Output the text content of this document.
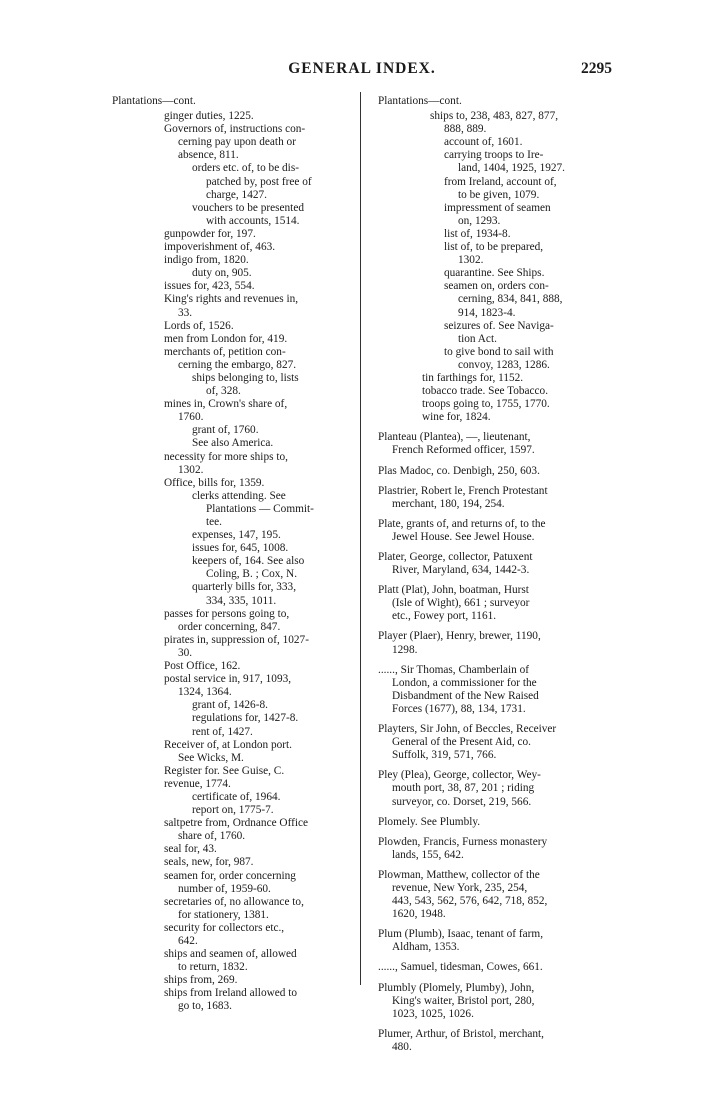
GENERAL INDEX.	2295
Plantations—cont.
ginger duties, 1225.
Governors of, instructions con-
cerning pay upon death or
absence, 811.
orders etc. of, to be dis-
patched by, post free of
charge, 1427.
vouchers to be presented
with accounts, 1514.
gunpowder for, 197.
impoverishment of, 463.
indigo from, 1820.
duty on, 905.
issues for, 423, 554.
King's rights and revenues in,
33.
Lords of, 1526.
men from London for, 419.
merchants of, petition con-
cerning the embargo, 827.
ships belonging to, lists
of, 328.
mines in, Crown's share of,
1760.
grant of, 1760.
See also America.
necessity for more ships to,
1302.
Office, bills for, 1359.
clerks attending. See
Plantations — Commit-
tee.
expenses, 147, 195.
issues for, 645, 1008.
keepers of, 164. See also
Coling, B. ; Cox, N.
quarterly bills for, 333,
334, 335, 1011.
passes for persons going to,
order concerning, 847.
pirates in, suppression of, 1027-
30.
Post Office, 162.
postal service in, 917, 1093,
1324, 1364.
grant of, 1426-8.
regulations for, 1427-8.
rent of, 1427.
Receiver of, at London port.
See Wicks, M.
Register for. See Guise, C.
revenue, 1774.
certificate of, 1964.
report on, 1775-7.
saltpetre from, Ordnance Office
share of, 1760.
seal for, 43.
seals, new, for, 987.
seamen for, order concerning
number of, 1959-60.
secretaries of, no allowance to,
for stationery, 1381.
security for collectors etc.,
642.
ships and seamen of, allowed
to return, 1832.
ships from, 269.
ships from Ireland allowed to
go to, 1683.
Plantations—cont.
ships to, 238, 483, 827, 877,
888, 889.
account of, 1601.
carrying troops to Ire-
land, 1404, 1925, 1927.
from Ireland, account of,
to be given, 1079.
impressment of seamen
on, 1293.
list of, 1934-8.
list of, to be prepared,
1302.
quarantine. See Ships.
seamen on, orders con-
cerning, 834, 841, 888,
914, 1823-4.
seizures of. See Naviga-
tion Act.
to give bond to sail with
convoy, 1283, 1286.
tin farthings for, 1152.
tobacco trade. See Tobacco.
troops going to, 1755, 1770.
wine for, 1824.
Planteau (Plantea), —, lieutenant,
French Reformed officer, 1597.
Plas Madoc, co. Denbigh, 250, 603.
Plastrier, Robert le, French Protestant
merchant, 180, 194, 254.
Plate, grants of, and returns of, to the
Jewel House. See Jewel House.
Plater, George, collector, Patuxent
River, Maryland, 634, 1442-3.
Platt (Plat), John, boatman, Hurst
(Isle of Wight), 661 ; surveyor
etc., Fowey port, 1161.
Player (Plaer), Henry, brewer, 1190,
1298.
......, Sir Thomas, Chamberlain of
London, a commissioner for the
Disbandment of the New Raised
Forces (1677), 88, 134, 1731.
Playters, Sir John, of Beccles, Receiver
General of the Present Aid, co.
Suffolk, 319, 571, 766.
Pley (Plea), George, collector, Wey-
mouth port, 38, 87, 201 ; riding
surveyor, co. Dorset, 219, 566.
Plomely. See Plumbly.
Plowden, Francis, Furness monastery
lands, 155, 642.
Plowman, Matthew, collector of the
revenue, New York, 235, 254,
443, 543, 562, 576, 642, 718, 852,
1620, 1948.
Plum (Plumb), Isaac, tenant of farm,
Aldham, 1353.
......, Samuel, tidesman, Cowes, 661.
Plumbly (Plomely, Plumby), John,
King's waiter, Bristol port, 280,
1023, 1025, 1026.
Plumer, Arthur, of Bristol, merchant,
480.
